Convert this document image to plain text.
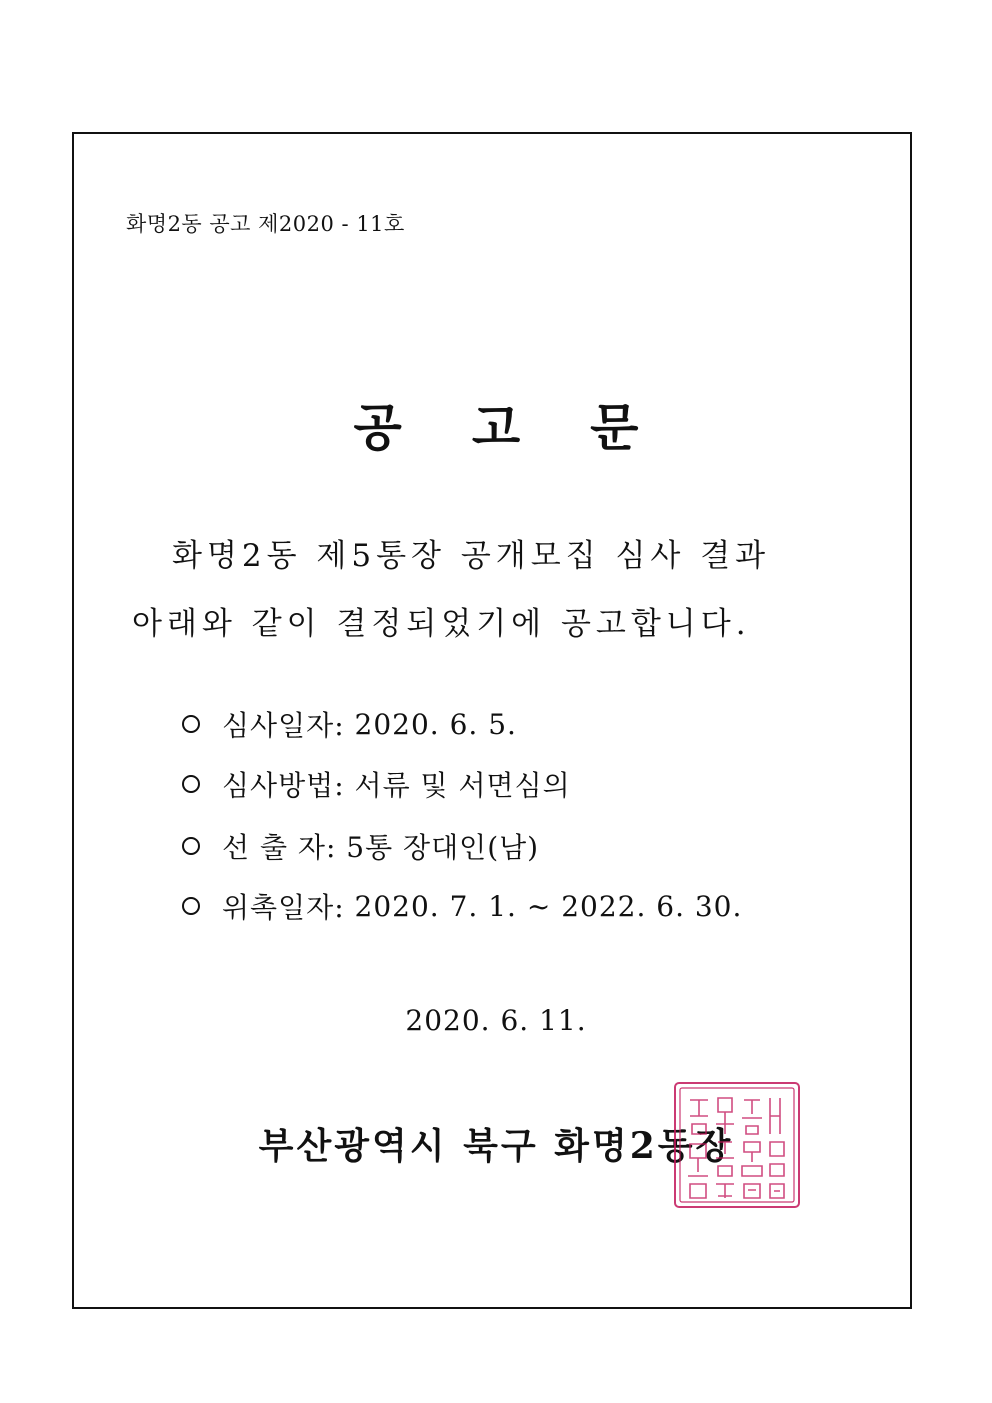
화명2동 공고 제2020 - 11호
공고문
화명2동 제5통장 공개모집 심사 결과
아래와 같이 결정되었기에 공고합니다.
심사일자:
2020. 6. 5.
심사방법:
서류 및 서면심의
선 출 자:
5통 장대인(남)
위촉일자:
2020. 7. 1. ~ 2022. 6. 30.
2020. 6. 11.
부산광역시 북구 화명2동장
